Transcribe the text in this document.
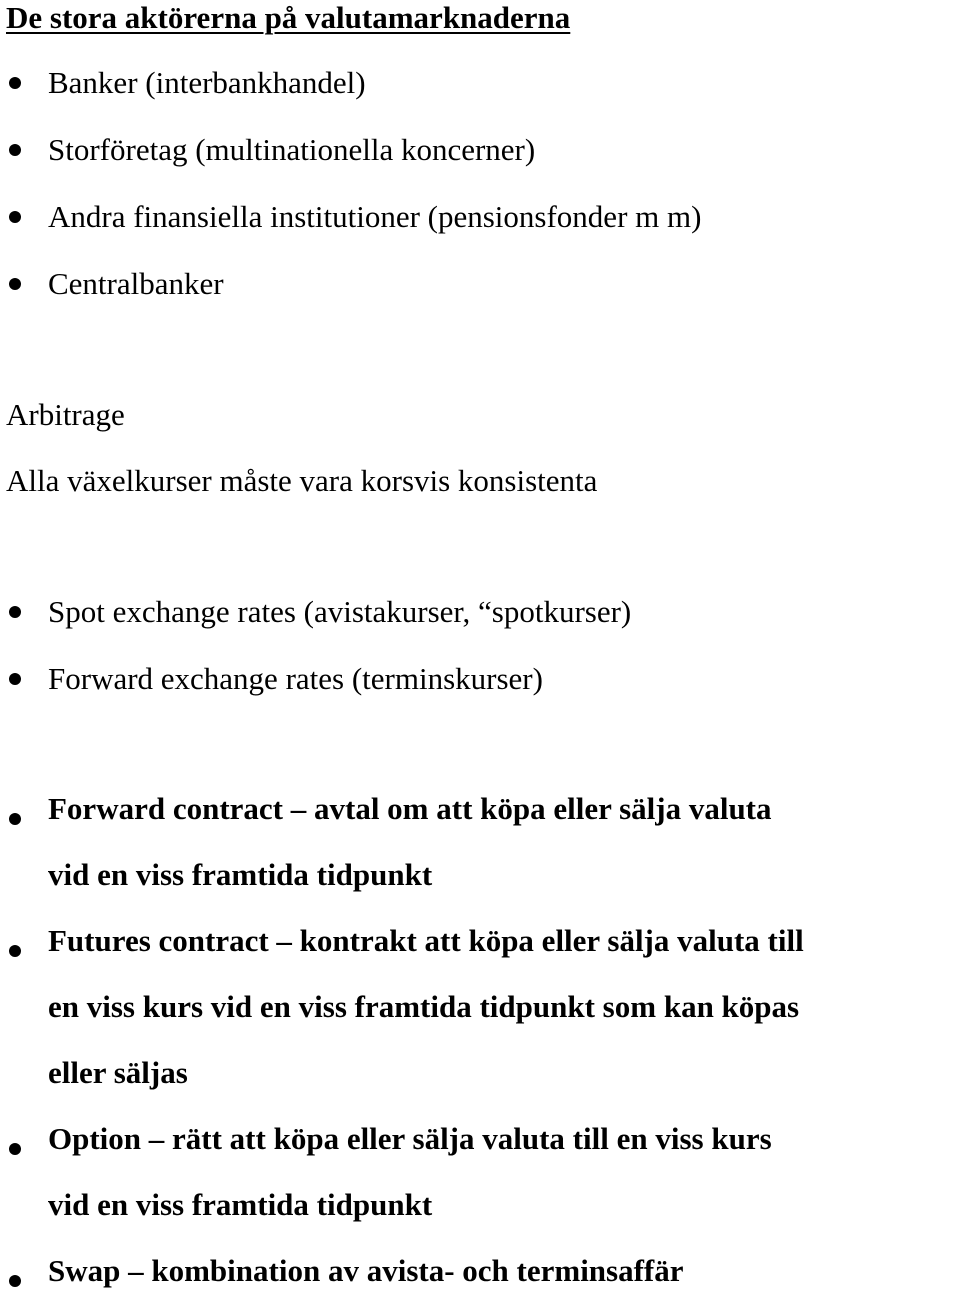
De stora aktörerna på valutamarknaderna
Banker (interbankhandel)
Storföretag (multinationella koncerner)
Andra finansiella institutioner (pensionsfonder m m)
Centralbanker
Arbitrage
Alla växelkurser måste vara korsvis konsistenta
Spot exchange rates (avistakurser, “spotkurser)
Forward exchange rates (terminskurser)
Forward contract – avtal om att köpa eller sälja valuta
vid en viss framtida tidpunkt
Futures contract – kontrakt att köpa eller sälja valuta till
en viss kurs vid en viss framtida tidpunkt som kan köpas
eller säljas
Option – rätt att köpa eller sälja valuta till en viss kurs
vid en viss framtida tidpunkt
Swap – kombination av avista- och terminsaffär
